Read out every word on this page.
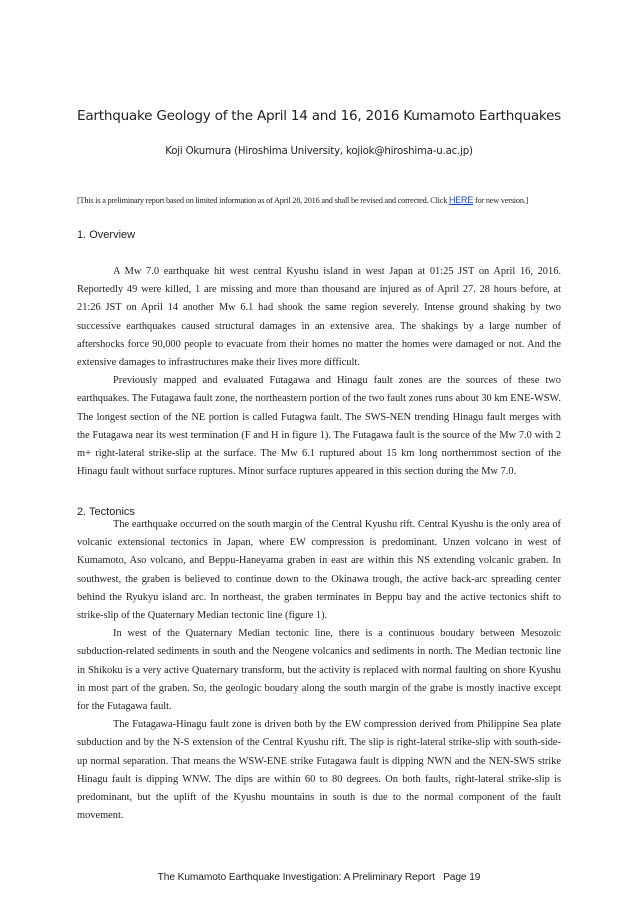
Earthquake Geology of the April 14 and 16, 2016 Kumamoto Earthquakes
Koji Okumura (Hiroshima University, kojiok@hiroshima-u.ac.jp)
[This is a preliminary report based on limited information as of April 28, 2016 and shall be revised and corrected. Click HERE for new version.]
1. Overview

A Mw 7.0 earthquake hit west central Kyushu island in west Japan at 01:25 JST on April 16, 2016. Reportedly 49 were killed, 1 are missing and more than thousand are injured as of April 27. 28 hours before, at 21:26 JST on April 14 another Mw 6.1 had shook the same region severely. Intense ground shaking by two successive earthquakes caused structural damages in an extensive area. The shakings by a large number of aftershocks force 90,000 people to evacuate from their homes no matter the homes were damaged or not. And the extensive damages to infrastructures make their lives more difficult.

Previously mapped and evaluated Futagawa and Hinagu fault zones are the sources of these two earthquakes. The Futagawa fault zone, the northeastern portion of the two fault zones runs about 30 km ENE-WSW. The longest section of the NE portion is called Futagwa fault. The SWS-NEN trending Hinagu fault merges with the Futagawa near its west termination (F and H in figure 1). The Futagawa fault is the source of the Mw 7.0 with 2 m+ right-lateral strike-slip at the surface. The Mw 6.1 ruptured about 15 km long northernmost section of the Hinagu fault without surface ruptures. Minor surface ruptures appeared in this section during the Mw 7.0.

2. Tectonics

The earthquake occurred on the south margin of the Central Kyushu rift. Central Kyushu is the only area of volcanic extensional tectonics in Japan, where EW compression is predominant. Unzen volcano in west of Kumamoto, Aso volcano, and Beppu-Haneyama graben in east are within this NS extending volcanic graben. In southwest, the graben is believed to continue down to the Okinawa trough, the active back-arc spreading center behind the Ryukyu island arc. In northeast, the graben terminates in Beppu bay and the active tectonics shift to strike-slip of the Quaternary Median tectonic line (figure 1).

In west of the Quaternary Median tectonic line, there is a continuous boudary between Mesozoic subduction-related sediments in south and the Neogene volcanics and sediments in north. The Median tectonic line in Shikoku is a very active Quaternary transform, but the activity is replaced with normal faulting on shore Kyushu in most part of the graben. So, the geologic boudary along the south margin of the grabe is mostly inactive except for the Futagawa fault.

The Futagawa-Hinagu fault zone is driven both by the EW compression derived from Philippine Sea plate subduction and by the N-S extension of the Central Kyushu rift. The slip is right-lateral strike-slip with south-side-up normal separation. That means the WSW-ENE strike Futagawa fault is dipping NWN and the NEN-SWS strike Hinagu fault is dipping WNW. The dips are within 60 to 80 degrees. On both faults, right-lateral strike-slip is predominant, but the uplift of the Kyushu mountains in south is due to the normal component of the fault movement.

The Kumamoto Earthquake Investigation: A Preliminary Report   Page 19
